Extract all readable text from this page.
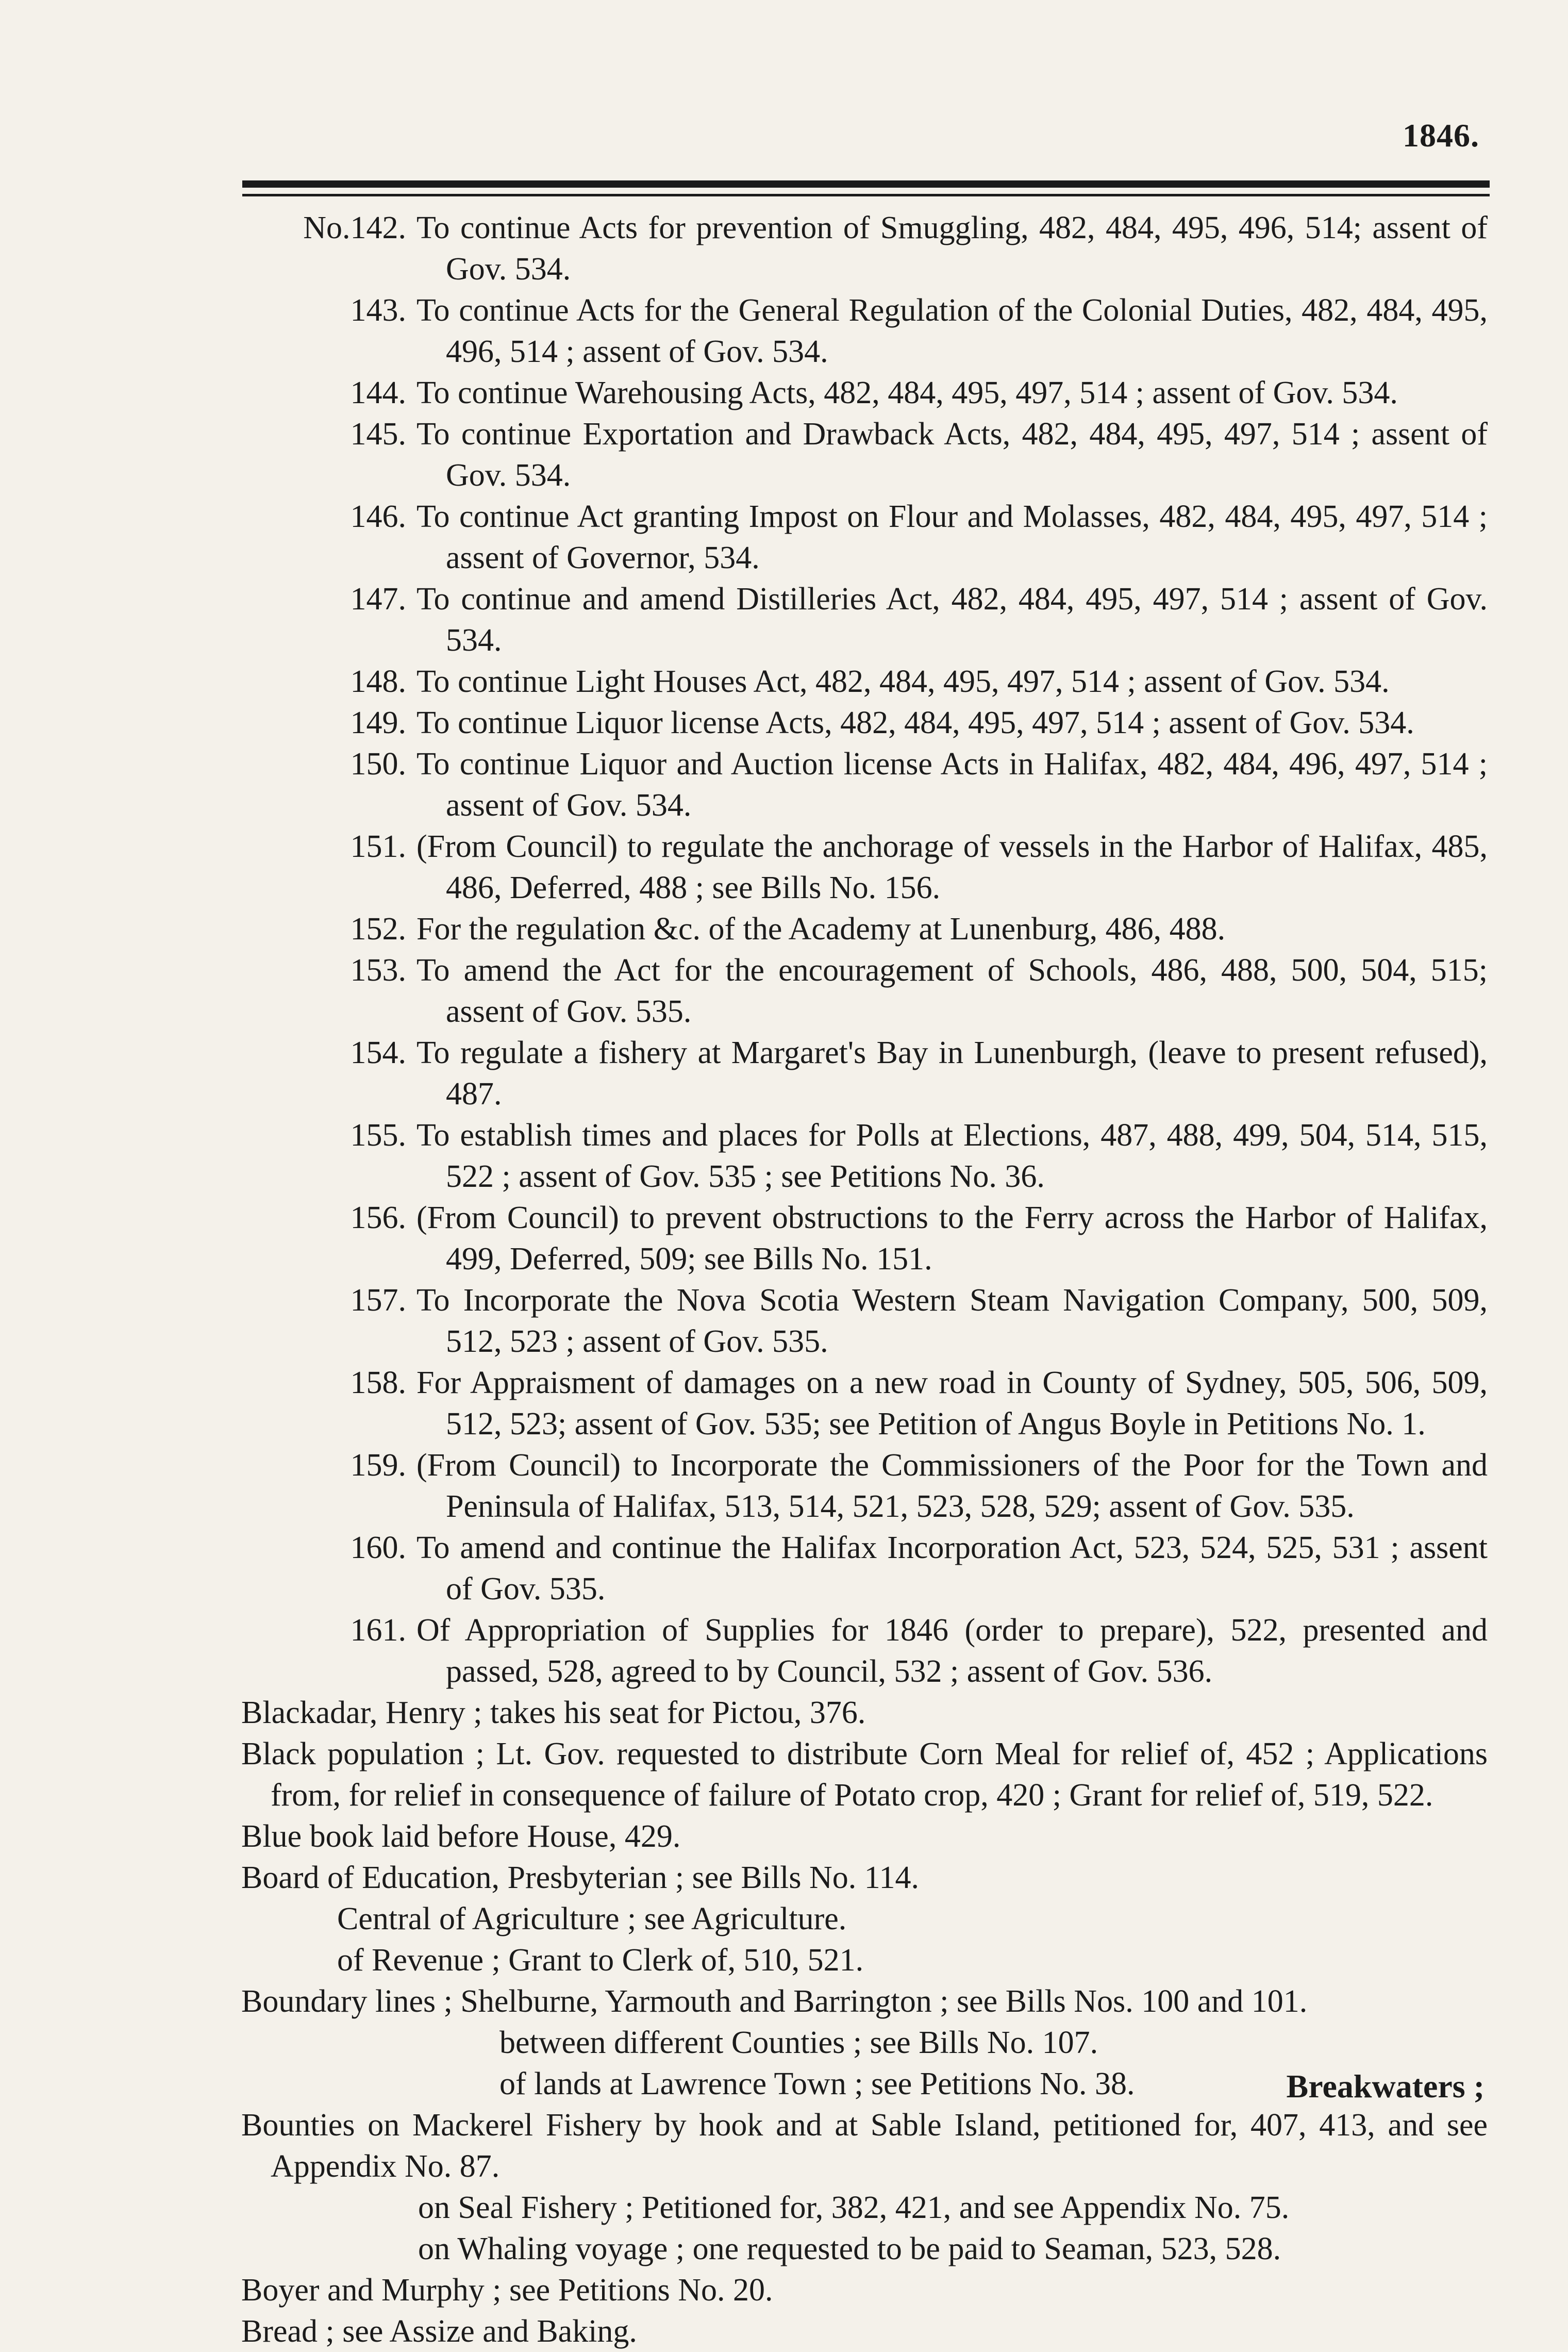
1846.
No.142. To continue Acts for prevention of Smuggling, 482, 484, 495, 496, 514; assent of Gov. 534.
143. To continue Acts for the General Regulation of the Colonial Duties, 482, 484, 495, 496, 514 ; assent of Gov. 534.
144. To continue Warehousing Acts, 482, 484, 495, 497, 514 ; assent of Gov. 534.
145. To continue Exportation and Drawback Acts, 482, 484, 495, 497, 514 ; assent of Gov. 534.
146. To continue Act granting Impost on Flour and Molasses, 482, 484, 495, 497, 514 ; assent of Governor, 534.
147. To continue and amend Distilleries Act, 482, 484, 495, 497, 514 ; assent of Gov. 534.
148. To continue Light Houses Act, 482, 484, 495, 497, 514 ; assent of Gov. 534.
149. To continue Liquor license Acts, 482, 484, 495, 497, 514 ; assent of Gov. 534.
150. To continue Liquor and Auction license Acts in Halifax, 482, 484, 496, 497, 514 ; assent of Gov. 534.
151. (From Council) to regulate the anchorage of vessels in the Harbor of Halifax, 485, 486, Deferred, 488 ; see Bills No. 156.
152. For the regulation &c. of the Academy at Lunenburg, 486, 488.
153. To amend the Act for the encouragement of Schools, 486, 488, 500, 504, 515; assent of Gov. 535.
154. To regulate a fishery at Margaret's Bay in Lunenburgh, (leave to present refused), 487.
155. To establish times and places for Polls at Elections, 487, 488, 499, 504, 514, 515, 522 ; assent of Gov. 535 ; see Petitions No. 36.
156. (From Council) to prevent obstructions to the Ferry across the Harbor of Halifax, 499, Deferred, 509; see Bills No. 151.
157. To Incorporate the Nova Scotia Western Steam Navigation Company, 500, 509, 512, 523 ; assent of Gov. 535.
158. For Appraisment of damages on a new road in County of Sydney, 505, 506, 509, 512, 523; assent of Gov. 535; see Petition of Angus Boyle in Petitions No. 1.
159. (From Council) to Incorporate the Commissioners of the Poor for the Town and Peninsula of Halifax, 513, 514, 521, 523, 528, 529; assent of Gov. 535.
160. To amend and continue the Halifax Incorporation Act, 523, 524, 525, 531 ; assent of Gov. 535.
161. Of Appropriation of Supplies for 1846 (order to prepare), 522, presented and passed, 528, agreed to by Council, 532 ; assent of Gov. 536.
Blackadar, Henry ; takes his seat for Pictou, 376.
Black population ; Lt. Gov. requested to distribute Corn Meal for relief of, 452 ; Applications from, for relief in consequence of failure of Potato crop, 420 ; Grant for relief of, 519, 522.
Blue book laid before House, 429.
Board of Education, Presbyterian ; see Bills No. 114.
Central of Agriculture ; see Agriculture.
of Revenue ; Grant to Clerk of, 510, 521.
Boundary lines ; Shelburne, Yarmouth and Barrington ; see Bills Nos. 100 and 101.
between different Counties ; see Bills No. 107.
of lands at Lawrence Town ; see Petitions No. 38.
Bounties on Mackerel Fishery by hook and at Sable Island, petitioned for, 407, 413, and see Appendix No. 87.
on Seal Fishery ; Petitioned for, 382, 421, and see Appendix No. 75.
on Whaling voyage ; one requested to be paid to Seaman, 523, 528.
Boyer and Murphy ; see Petitions No. 20.
Bread ; see Assize and Baking.
Breakwaters ;
